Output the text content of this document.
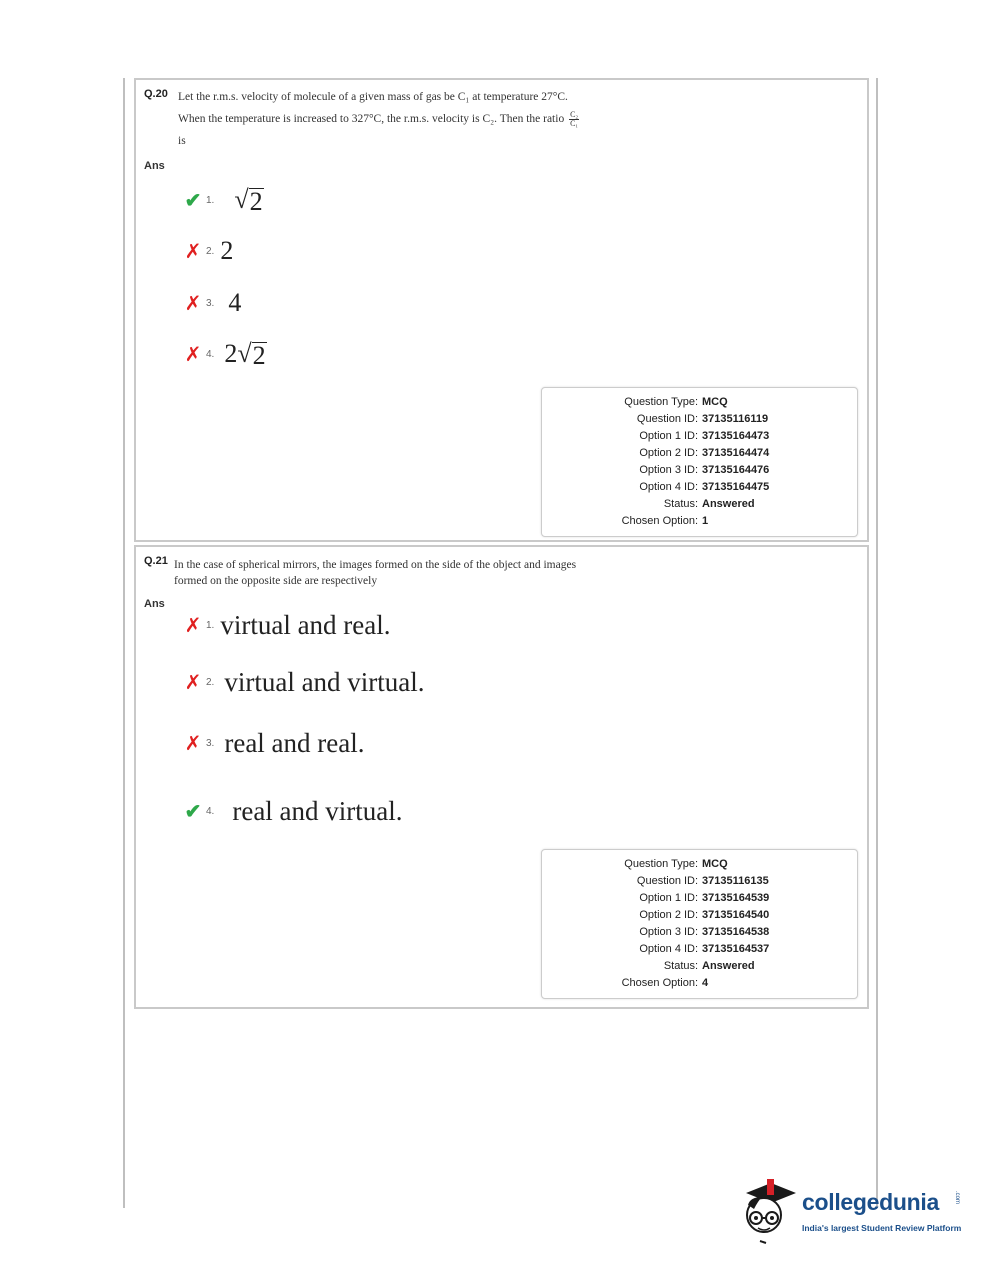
Q.20 Let the r.m.s. velocity of molecule of a given mass of gas be C₁ at temperature 27°C.
When the temperature is increased to 327°C, the r.m.s. velocity is C₂. Then the ratio $\frac{\text{C₂}}{\text{C₁}}$
is
Ans
✔ 1. √ 2
✗ 2. 2
✗ 3. 4
✗ 4. 2 √ 2
Question Type : MCQ
Question ID : 37135116119
Option 1 ID : 37135164473
Option 2 ID : 37135164474
Option 3 ID : 37135164476
Option 4 ID : 37135164475
Status : Answered
Chosen Option : 1
Q.21 In the case of spherical mirrors, the images formed on the side of the object and images
formed on the opposite side are respectively
Ans
✗ 1. virtual and real.
✗ 2. virtual and virtual.
✗ 3. real and real.
✔ 4. real and virtual.
Question Type : MCQ
Question ID : 37135116135
Option 1 ID : 37135164539
Option 2 ID : 37135164540
Option 3 ID : 37135164538
Option 4 ID : 37135164537
Status : Answered
Chosen Option : 4
collegedunia	.com
India's largest Student Review Platform
